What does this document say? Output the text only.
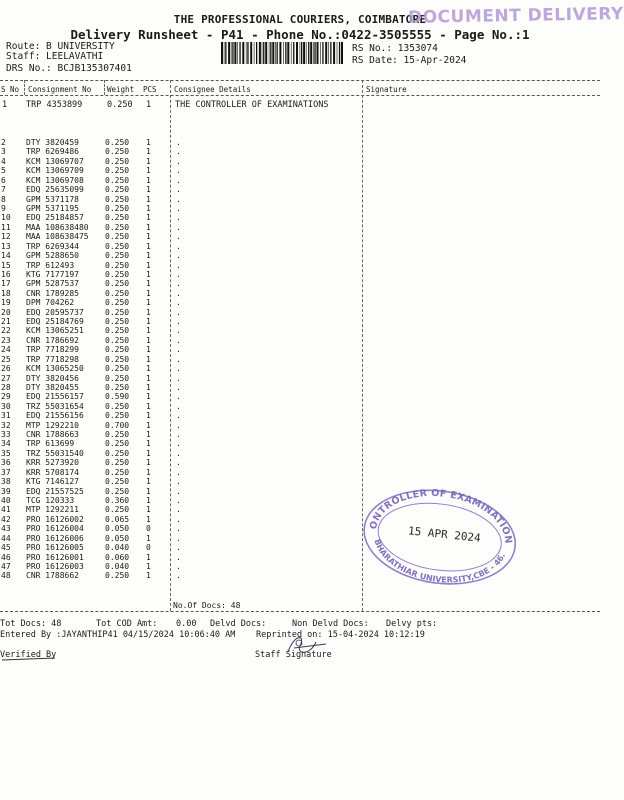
THE PROFESSIONAL COURIERS, COIMBATORE
DOCUMENT DELIVERY
Delivery Runsheet - P41 - Phone No.:0422-3505555 - Page No.:1
Route: B UNIVERSITY
Staff: LEELAVATHI
DRS No.: BCJB135307401
RS No.: 1353074
RS Date: 15-Apr-2024
S No Consignment No Weight PCS Consignee Details	Signature
1 TRP 4353899	0.250 1	THE CONTROLLER OF EXAMINATIONS
2	DTY 3820459	0.250 1	.
3	TRP 6269486	0.250 1	.
4	KCM 13069707	0.250 1	.
5	KCM 13069709	0.250 1	.
6	KCM 13069708	0.250 1	.
7	EDQ 25635099	0.250 1	.
8	GPM 5371178	0.250 1	.
9	GPM 5371195	0.250 1	.
10 EDQ 25184857	0.250 1	.
11 MAA 108638480 0.250 1	.
12 MAA 108638475 0.250 1	.
13 TRP 6269344	0.250 1	.
14 GPM 5288650	0.250 1	.
15 TRP 612493	0.250 1	.
16 KTG 7177197	0.250 1	.
17 GPM 5287537	0.250 1	.
18 CNR 1789285	0.250 1	.
19 DPM 704262	0.250 1	.
20 EDQ 20595737	0.250 1	.
21 EDQ 25184769	0.250 1	.
22 KCM 13065251	0.250 1	.
23 CNR 1786692	0.250 1	.
24 TRP 7718299	0.250 1	.
25 TRP 7718298	0.250 1	.
26 KCM 13065250	0.250 1	.
27 DTY 3820456	0.250 1	.
28 DTY 3820455	0.250 1	.
29 EDQ 21556157	0.590 1	.
30 TRZ 55031654	0.250 1	.
31 EDQ 21556156	0.250 1	.
32 MTP 1292210	0.700 1	.
33 CNR 1788663	0.250 1	.
34 TRP 613699	0.250 1	.
35 TRZ 55031540	0.250 1	.
36 KRR 5273920	0.250 1	.
37 KRR 5708174	0.250 1	.
38 KTG 7146127	0.250 1	.
39 EDQ 21557525	0.250 1	.
40 TCG 120333	0.360 1	.
41 MTP 1292211	0.250 1	.
42 PRO 16126002	0.065 1	.
43 PRO 16126004	0.050 0	.
44 PRO 16126006	0.050 1	.
45 PRO 16126005	0.040 0	.
46 PRO 16126001	0.060 1	.
47 PRO 16126003	0.040 1	.
48 CNR 1788662	0.250 1	.
No.Of Docs: 48
Tot Docs: 48	Tot COD Amt: 0.00 Delvd Docs:	Non Delvd Docs: Delvy pts:
Entered By :JAYANTHIP41 04/15/2024 10:06:40 AM Reprinted on: 15-04-2024 10:12:19
Verified By	Staff Signature
CONTROLLER OF EXAMINATIONS
BHARATHIAR UNIVERSITY,CBE - 46.
15 APR 2024
